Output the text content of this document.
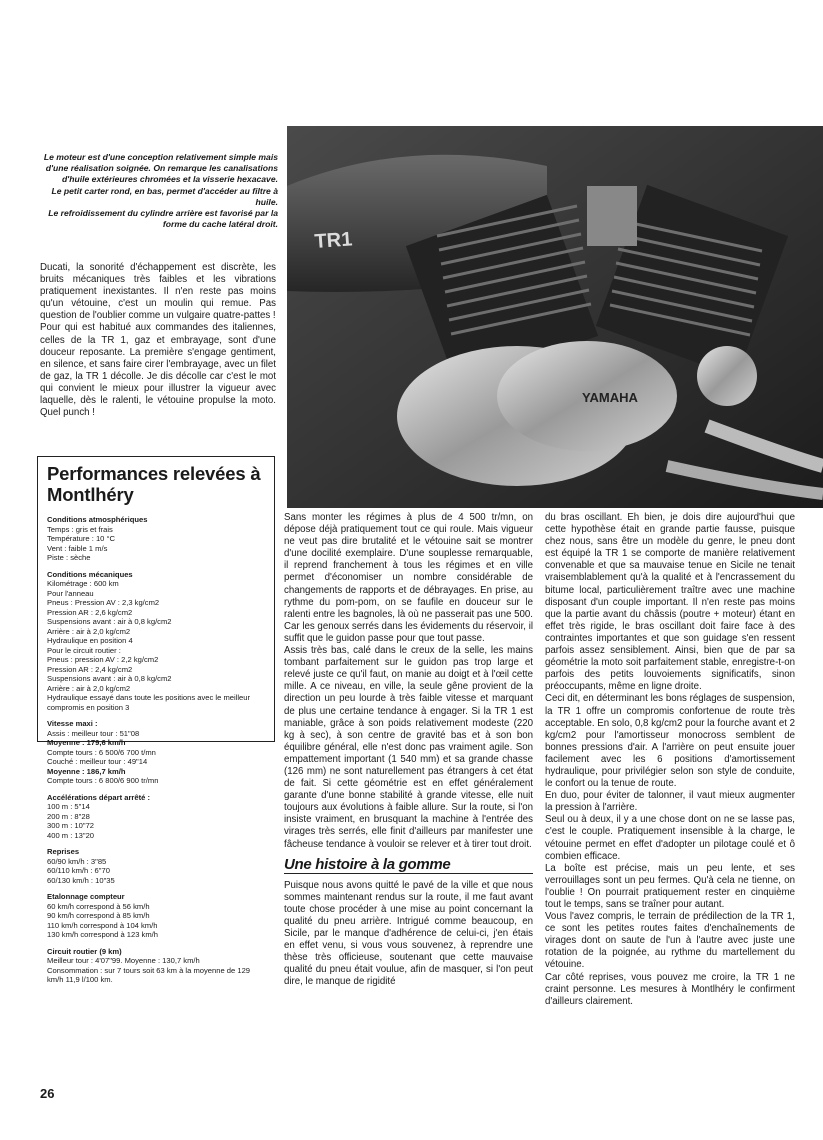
Le moteur est d'une conception relativement simple mais d'une réalisation soignée. On remarque les canalisations d'huile extérieures chromées et la visserie hexacave.

Le petit carter rond, en bas, permet d'accéder au filtre à huile.

Le refroidissement du cylindre arrière est favorisé par la forme du cache latéral droit.

YAMAHA
TR1

Ducati, la sonorité d'échappement est discrète, les bruits mécaniques très faibles et les vibrations pratiquement inexistantes. Il n'en reste pas moins qu'un vétouine, c'est un moulin qui remue. Pas question de l'oublier comme un vulgaire quatre-pattes !

Pour qui est habitué aux commandes des italiennes, celles de la TR 1, gaz et embrayage, sont d'une douceur reposante. La première s'engage gentiment, en silence, et sans faire cirer l'embrayage, avec un filet de gaz, la TR 1 décolle. Je dis décolle car c'est le mot qui convient le mieux pour illustrer la vigueur avec laquelle, dès le ralenti, le vétouine propulse la moto. Quel punch !

Performances relevées à Montlhéry
Conditions atmosphériques
Temps : gris et frais
Température : 10 °C
Vent : faible 1 m/s
Piste : sèche
Conditions mécaniques
Kilométrage : 600 km
Pour l'anneau
Pneus : Pression AV : 2,3 kg/cm2
Pression AR : 2,6 kg/cm2
Suspensions avant : air à 0,8 kg/cm2
Arrière : air à 2,0 kg/cm2
Hydraulique en position 4
Pour le circuit routier :
Pneus : pression AV : 2,2 kg/cm2
Pression AR : 2,4 kg/cm2
Suspensions avant : air à 0,8 kg/cm2
Arrière : air à 2,0 kg/cm2
Hydraulique essayé dans toute les positions avec le meilleur compromis en position 3
Vitesse maxi :
Assis : meilleur tour : 51"08
Moyenne : 179,6 km/h
Compte tours : 6 500/6 700 t/mn
Couché : meilleur tour : 49"14
Moyenne : 186,7 km/h
Compte tours : 6 800/6 900 tr/mn
Accélérations départ arrêté :
100 m : 5"14
200 m : 8"28
300 m : 10"72
400 m : 13"20
Reprises
60/90 km/h : 3"85
60/110 km/h : 6"70
60/130 km/h : 10"35
Etalonnage compteur
60 km/h correspond à 56 km/h
90 km/h correspond à 85 km/h
110 km/h correspond à 104 km/h
130 km/h correspond à 123 km/h
Circuit routier (9 km)
Meilleur tour : 4'07"99. Moyenne : 130,7 km/h
Consommation : sur 7 tours soit 63 km à la moyenne de 129 km/h 11,9 l/100 km.

Sans monter les régimes à plus de 4 500 tr/mn, on dépose déjà pratiquement tout ce qui roule. Mais vigueur ne veut pas dire brutalité et le vétouine sait se montrer d'une docilité exemplaire. D'une souplesse remarquable, il reprend franchement à tous les régimes et en ville permet d'économiser un nombre considérable de changements de rapports et de débrayages. En prise, au rythme du pom-pom, on se faufile en douceur sur le ralenti entre les bagnoles, là où ne passerait pas une 500. Car les genoux serrés dans les évidements du réservoir, il suffit que le guidon passe pour que tout passe.

Assis très bas, calé dans le creux de la selle, les mains tombant parfaitement sur le guidon pas trop large et relevé juste ce qu'il faut, on manie au doigt et à l'œil cette mille. A ce niveau, en ville, la seule gêne provient de la direction un peu lourde à très faible vitesse et marquant de plus une certaine tendance à engager. Si la TR 1 est maniable, grâce à son poids relativement modeste (220 kg à sec), à son centre de gravité bas et à son bon équilibre général, elle n'est donc pas vraiment agile. Son empattement important (1 540 mm) et sa grande chasse (126 mm) ne sont naturellement pas étrangers à cet état de fait. Si cette géométrie est en effet généralement garante d'une bonne stabilité à grande vitesse, elle nuit toujours aux évolutions à faible allure. Sur la route, si l'on insiste vraiment, en brusquant la machine à l'entrée des virages très serrés, elle finit d'ailleurs par manifester une fâcheuse tendance à vouloir se relever et à tirer tout droit.

Une histoire à la gomme

Puisque nous avons quitté le pavé de la ville et que nous sommes maintenant rendus sur la route, il me faut avant toute chose procéder à une mise au point concernant la qualité du pneu arrière. Intrigué comme beaucoup, en Sicile, par le manque d'adhérence de celui-ci, j'en étais en effet venu, si vous vous souvenez, à reprendre une thèse très officieuse, soutenant que cette mauvaise qualité du pneu était voulue, afin de masquer, si l'on peut dire, le manque de rigidité

du bras oscillant. Eh bien, je dois dire aujourd'hui que cette hypothèse était en grande partie fausse, puisque chez nous, sans être un modèle du genre, le pneu dont est équipé la TR 1 se comporte de manière relativement convenable et que sa mauvaise tenue en Sicile ne tenait vraisemblablement qu'à la qualité et à l'encrassement du bitume local, particulièrement traître avec une machine disposant d'un couple important. Il n'en reste pas moins que la partie avant du châssis (poutre + moteur) étant en effet très rigide, le bras oscillant doit faire face à des contraintes importantes et que son guidage s'en ressent parfois assez sensiblement. Ainsi, bien que de par sa géométrie la moto soit parfaitement stable, enregistre-t-on parfois des petits louvoiements significatifs, sinon préoccupants, même en ligne droite.

Ceci dit, en déterminant les bons réglages de suspension, la TR 1 offre un compromis confortenue de route très acceptable. En solo, 0,8 kg/cm2 pour la fourche avant et 2 kg/cm2 pour l'amortisseur monocross semblent de bonnes pressions d'air. A l'arrière on peut ensuite jouer facilement avec les 6 positions d'amortissement hydraulique, pour privilégier selon son style de conduite, le confort ou la tenue de route.

En duo, pour éviter de talonner, il vaut mieux augmenter la pression à l'arrière.

Seul ou à deux, il y a une chose dont on ne se lasse pas, c'est le couple. Pratiquement insensible à la charge, le vétouine permet en effet d'adopter un pilotage coulé et ô combien efficace.

La boîte est précise, mais un peu lente, et ses verrouillages sont un peu fermes. Qu'à cela ne tienne, on l'oublie ! On pourrait pratiquement rester en cinquième tout le temps, sans se traîner pour autant.

Vous l'avez compris, le terrain de prédilection de la TR 1, ce sont les petites routes faites d'enchaînements de virages dont on saute de l'un à l'autre avec juste une rotation de la poignée, au rythme du martellement du vétouine.

Car côté reprises, vous pouvez me croire, la TR 1 ne craint personne. Les mesures à Montlhéry le confirment d'ailleurs clairement.

26
